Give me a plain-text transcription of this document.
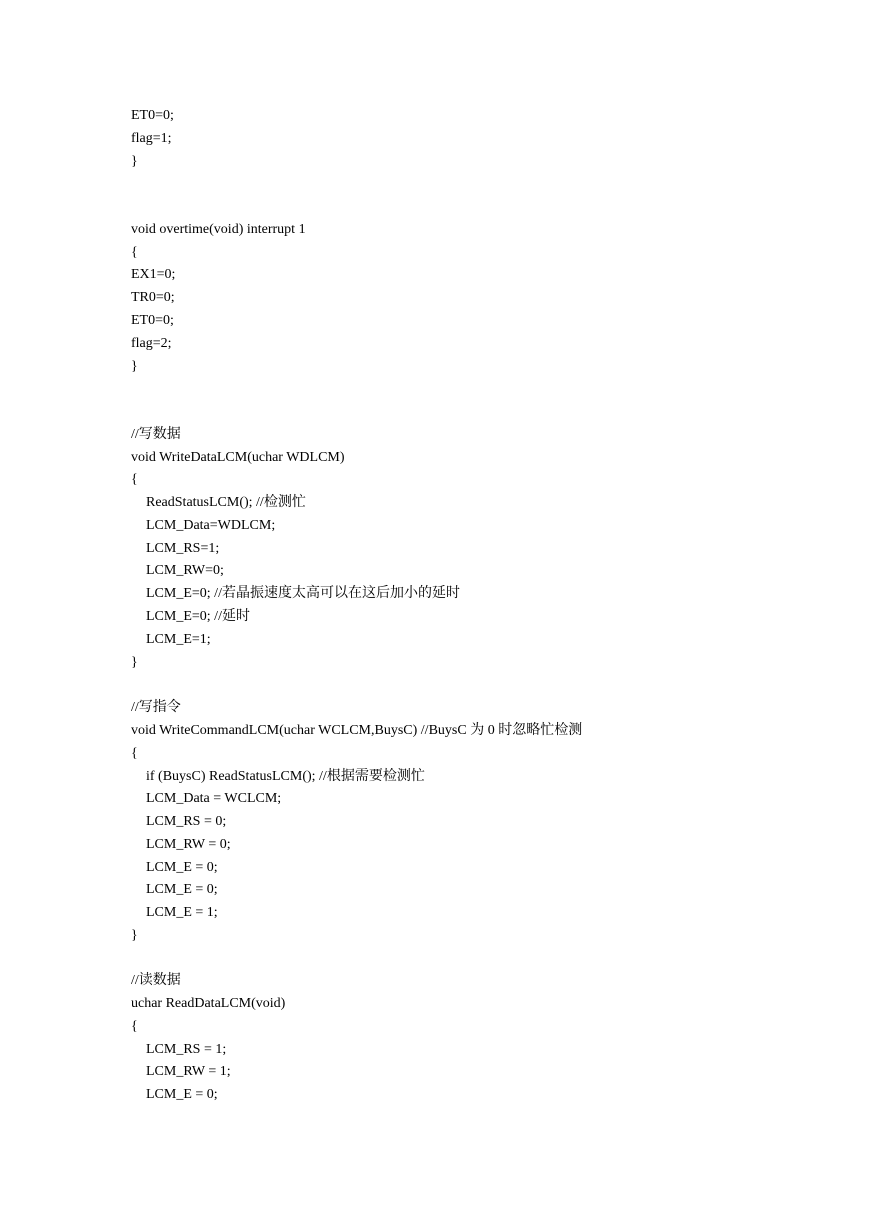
ET0=0;
flag=1;
}
void overtime(void) interrupt 1
{
EX1=0;
TR0=0;
ET0=0;
flag=2;
}
//写数据
void WriteDataLCM(uchar WDLCM)
{
ReadStatusLCM(); //检测忙
LCM_Data=WDLCM;
LCM_RS=1;
LCM_RW=0;
LCM_E=0; //若晶振速度太高可以在这后加小的延时
LCM_E=0; //延时
LCM_E=1;
}
//写指令
void WriteCommandLCM(uchar WCLCM,BuysC) //BuysC 为 0 时忽略忙检测
{
if (BuysC) ReadStatusLCM(); //根据需要检测忙
LCM_Data = WCLCM;
LCM_RS = 0;
LCM_RW = 0;
LCM_E = 0;
LCM_E = 0;
LCM_E = 1;
}
//读数据
uchar ReadDataLCM(void)
{
LCM_RS = 1;
LCM_RW = 1;
LCM_E = 0;
